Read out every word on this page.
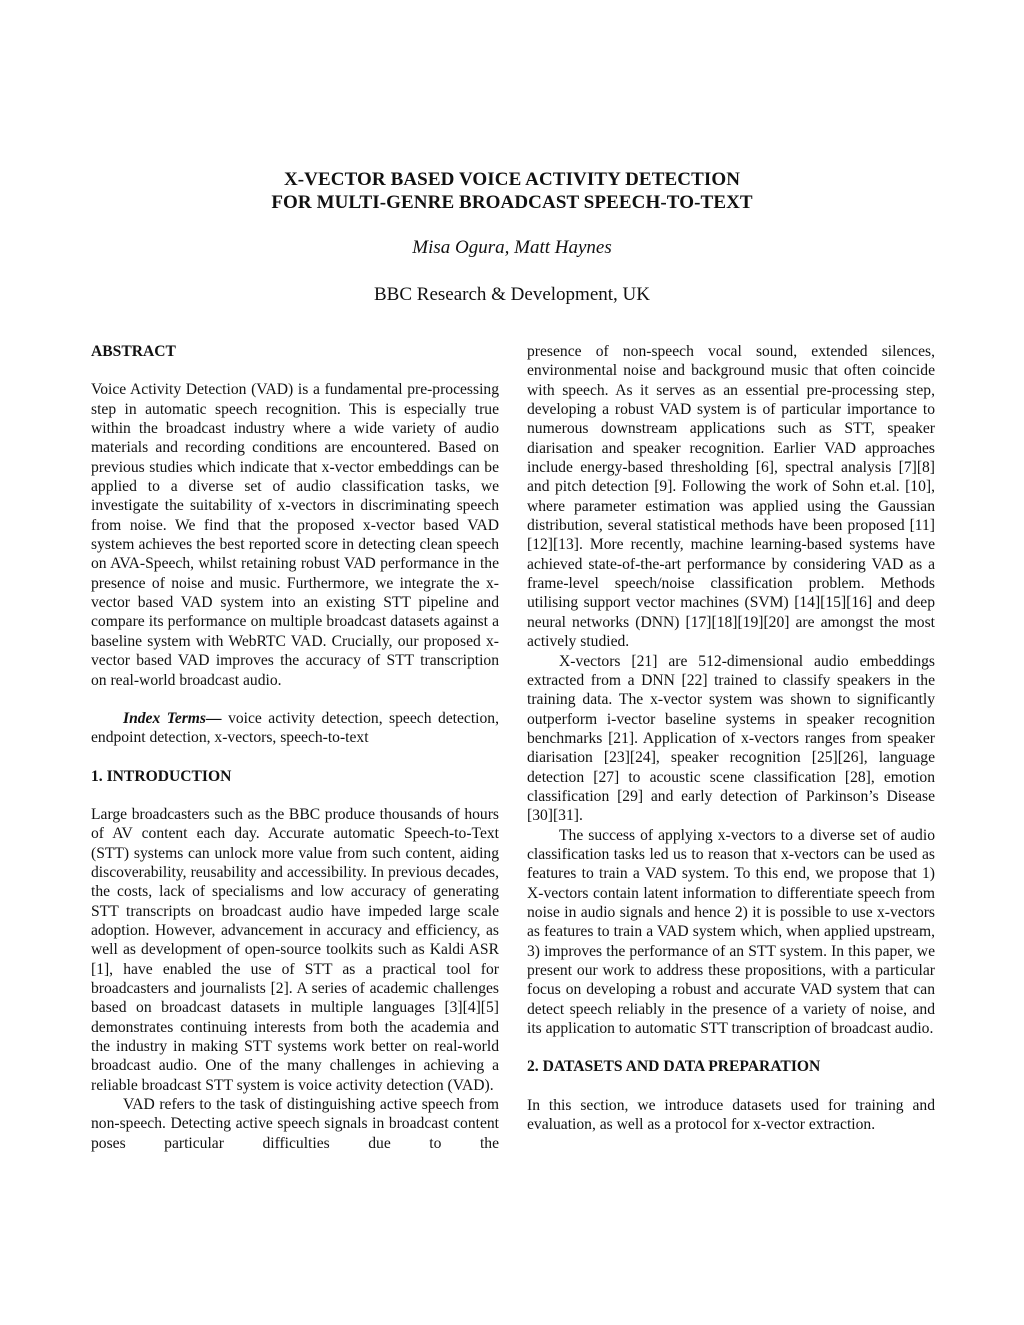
X-VECTOR BASED VOICE ACTIVITY DETECTION
FOR MULTI-GENRE BROADCAST SPEECH-TO-TEXT
Misa Ogura, Matt Haynes
BBC Research & Development, UK

ABSTRACT

Voice Activity Detection (VAD) is a fundamental pre-processing step in automatic speech recognition. This is especially true within the broadcast industry where a wide variety of audio materials and recording conditions are encountered. Based on previous studies which indicate that x-vector embeddings can be applied to a diverse set of audio classification tasks, we investigate the suitability of x-vectors in discriminating speech from noise. We find that the proposed x-vector based VAD system achieves the best reported score in detecting clean speech on AVA-Speech, whilst retaining robust VAD performance in the presence of noise and music. Furthermore, we integrate the x-vector based VAD system into an existing STT pipeline and compare its performance on multiple broadcast datasets against a baseline system with WebRTC VAD. Crucially, our proposed x-vector based VAD improves the accuracy of STT transcription on real-world broadcast audio.

Index Terms— voice activity detection, speech detection, endpoint detection, x-vectors, speech-to-text

1. INTRODUCTION

Large broadcasters such as the BBC produce thousands of hours of AV content each day. Accurate automatic Speech-to-Text (STT) systems can unlock more value from such content, aiding discoverability, reusability and accessibility. In previous decades, the costs, lack of specialisms and low accuracy of generating STT transcripts on broadcast audio have impeded large scale adoption. However, advancement in accuracy and efficiency, as well as development of open-source toolkits such as Kaldi ASR [1], have enabled the use of STT as a practical tool for broadcasters and journalists [2]. A series of academic challenges based on broadcast datasets in multiple languages [3][4][5] demonstrates continuing interests from both the academia and the industry in making STT systems work better on real-world broadcast audio. One of the many challenges in achieving a reliable broadcast STT system is voice activity detection (VAD).

VAD refers to the task of distinguishing active speech from non-speech. Detecting active speech signals in broadcast content poses particular difficulties due to the

presence of non-speech vocal sound, extended silences, environmental noise and background music that often coincide with speech. As it serves as an essential pre-processing step, developing a robust VAD system is of particular importance to numerous downstream applications such as STT, speaker diarisation and speaker recognition. Earlier VAD approaches include energy-based thresholding [6], spectral analysis [7][8] and pitch detection [9]. Following the work of Sohn et.al. [10], where parameter estimation was applied using the Gaussian distribution, several statistical methods have been proposed [11][12][13]. More recently, machine learning-based systems have achieved state-of-the-art performance by considering VAD as a frame-level speech/noise classification problem. Methods utilising support vector machines (SVM) [14][15][16] and deep neural networks (DNN) [17][18][19][20] are amongst the most actively studied.

X-vectors [21] are 512-dimensional audio embeddings extracted from a DNN [22] trained to classify speakers in the training data. The x-vector system was shown to significantly outperform i-vector baseline systems in speaker recognition benchmarks [21]. Application of x-vectors ranges from speaker diarisation [23][24], speaker recognition [25][26], language detection [27] to acoustic scene classification [28], emotion classification [29] and early detection of Parkinson’s Disease [30][31].

The success of applying x-vectors to a diverse set of audio classification tasks led us to reason that x-vectors can be used as features to train a VAD system. To this end, we propose that 1) X-vectors contain latent information to differentiate speech from noise in audio signals and hence 2) it is possible to use x-vectors as features to train a VAD system which, when applied upstream, 3) improves the performance of an STT system. In this paper, we present our work to address these propositions, with a particular focus on developing a robust and accurate VAD system that can detect speech reliably in the presence of a variety of noise, and its application to automatic STT transcription of broadcast audio.

2. DATASETS AND DATA PREPARATION

In this section, we introduce datasets used for training and evaluation, as well as a protocol for x-vector extraction.
